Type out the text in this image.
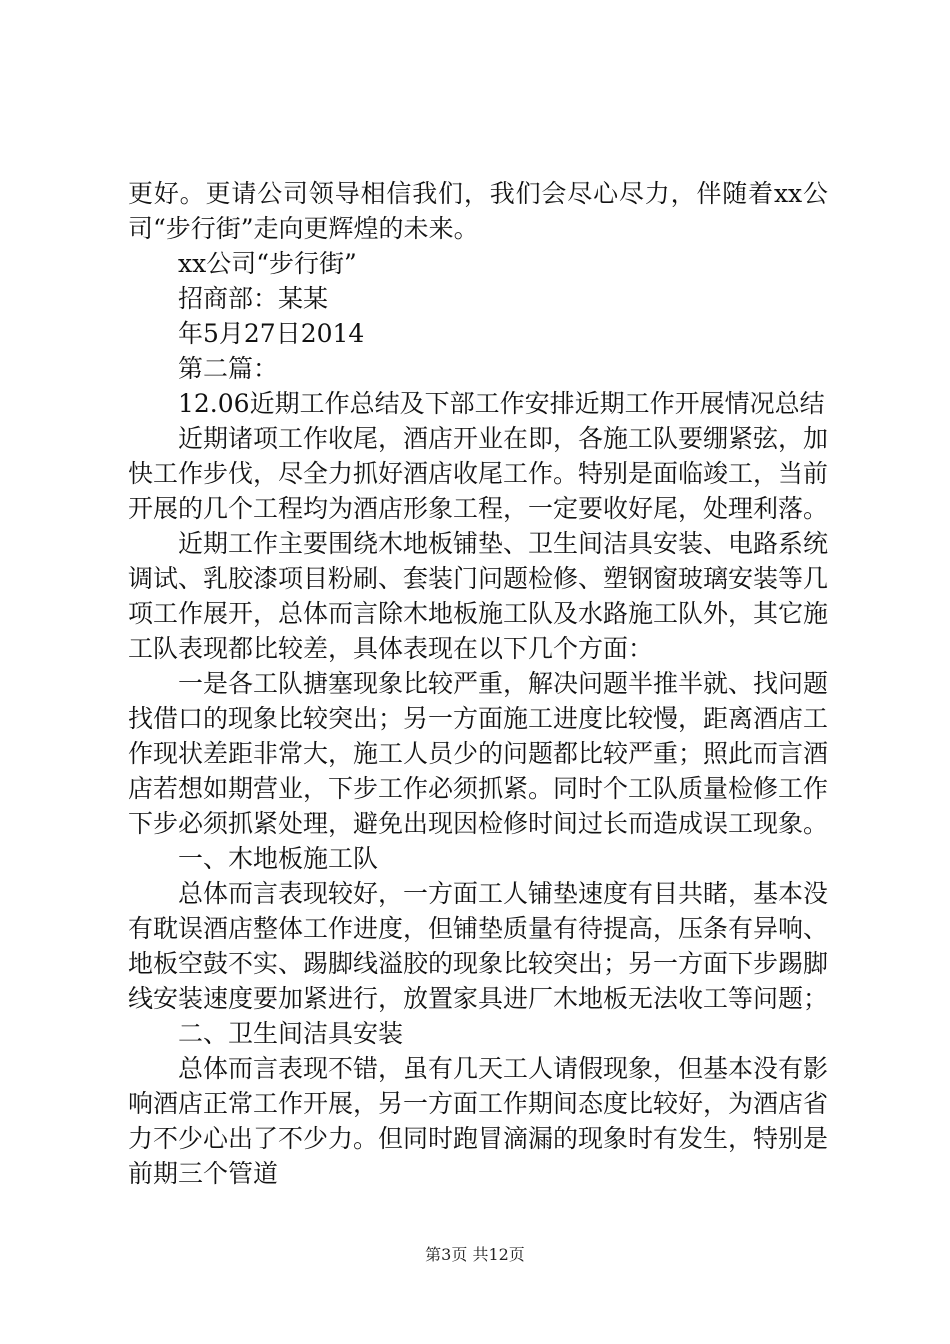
更好。更请公司领导相信我们，我们会尽心尽力，伴随着xx公司“步行街”走向更辉煌的未来。

xx公司“步行街”

招商部：某某

年5月27日2014

第二篇：

12.06近期工作总结及下部工作安排近期工作开展情况总结

近期诸项工作收尾，酒店开业在即，各施工队要绷紧弦，加快工作步伐，尽全力抓好酒店收尾工作。特别是面临竣工，当前开展的几个工程均为酒店形象工程，一定要收好尾，处理利落。

近期工作主要围绕木地板铺垫、卫生间洁具安装、电路系统调试、乳胶漆项目粉刷、套装门问题检修、塑钢窗玻璃安装等几项工作展开，总体而言除木地板施工队及水路施工队外，其它施工队表现都比较差，具体表现在以下几个方面：

一是各工队搪塞现象比较严重，解决问题半推半就、找问题找借口的现象比较突出；另一方面施工进度比较慢，距离酒店工作现状差距非常大，施工人员少的问题都比较严重；照此而言酒店若想如期营业，下步工作必须抓紧。同时个工队质量检修工作下步必须抓紧处理，避免出现因检修时间过长而造成误工现象。

一、木地板施工队

总体而言表现较好，一方面工人铺垫速度有目共睹，基本没有耽误酒店整体工作进度，但铺垫质量有待提高，压条有异响、地板空鼓不实、踢脚线溢胶的现象比较突出；另一方面下步踢脚线安装速度要加紧进行，放置家具进厂木地板无法收工等问题；

二、卫生间洁具安装

总体而言表现不错，虽有几天工人请假现象，但基本没有影响酒店正常工作开展，另一方面工作期间态度比较好，为酒店省力不少心出了不少力。但同时跑冒滴漏的现象时有发生，特别是前期三个管道

第3页 共12页
